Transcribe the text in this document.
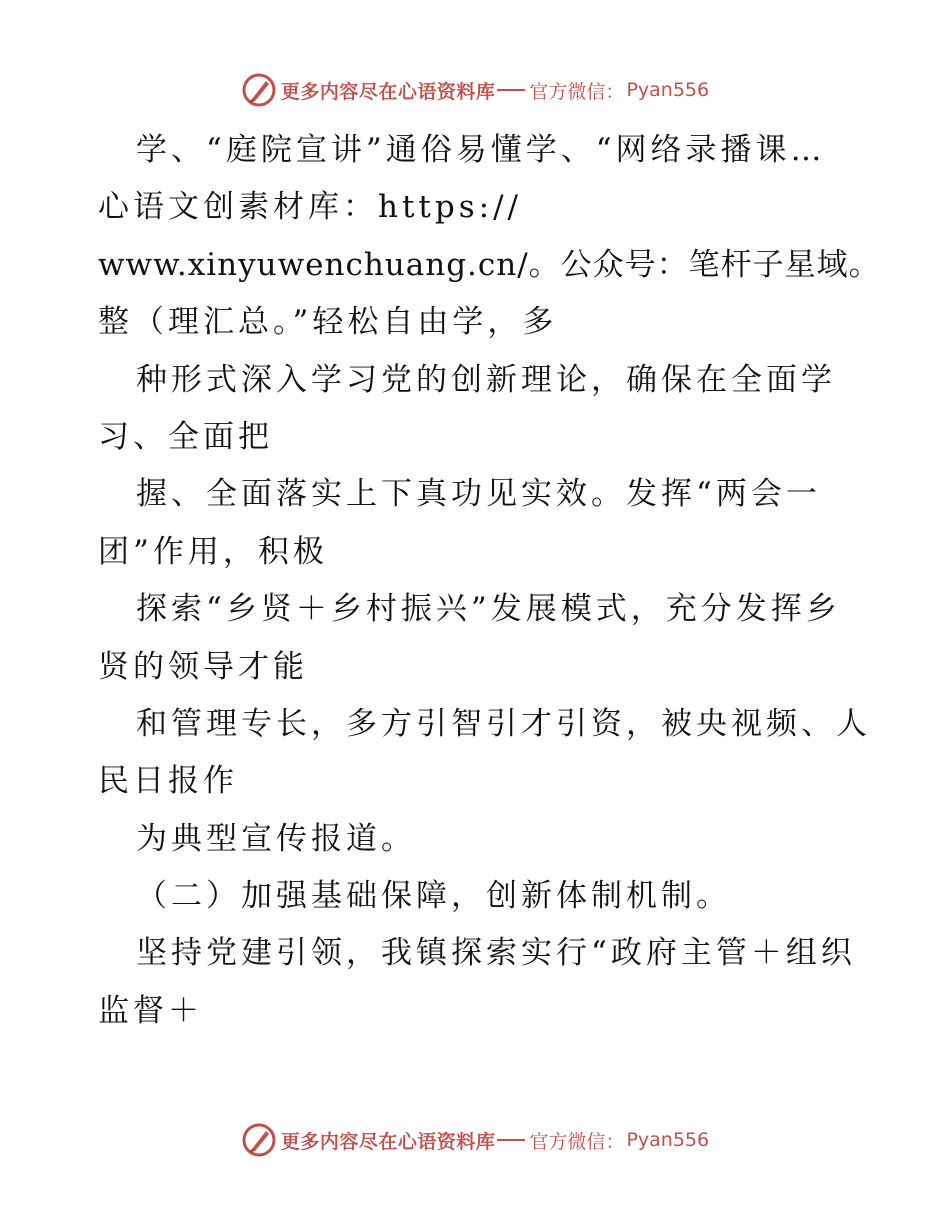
更多内容尽在心语资料库 官方微信： Pyan556
学、“庭院宣讲”通俗易懂学、“网络录播课…
心语文创素材库：https://
www.xinyuwenchuang.cn/。公众号：笔杆子星域。
整（理汇总。”轻松自由学，多
种形式深入学习党的创新理论，确保在全面学
习、全面把
握、全面落实上下真功见实效。发挥“两会一
团”作用，积极
探索“乡贤＋乡村振兴”发展模式，充分发挥乡
贤的领导才能
和管理专长，多方引智引才引资，被央视频、人
民日报作
为典型宣传报道。
（二）加强基础保障，创新体制机制。
坚持党建引领，我镇探索实行“政府主管＋组织
监督＋
更多内容尽在心语资料库 官方微信： Pyan556
